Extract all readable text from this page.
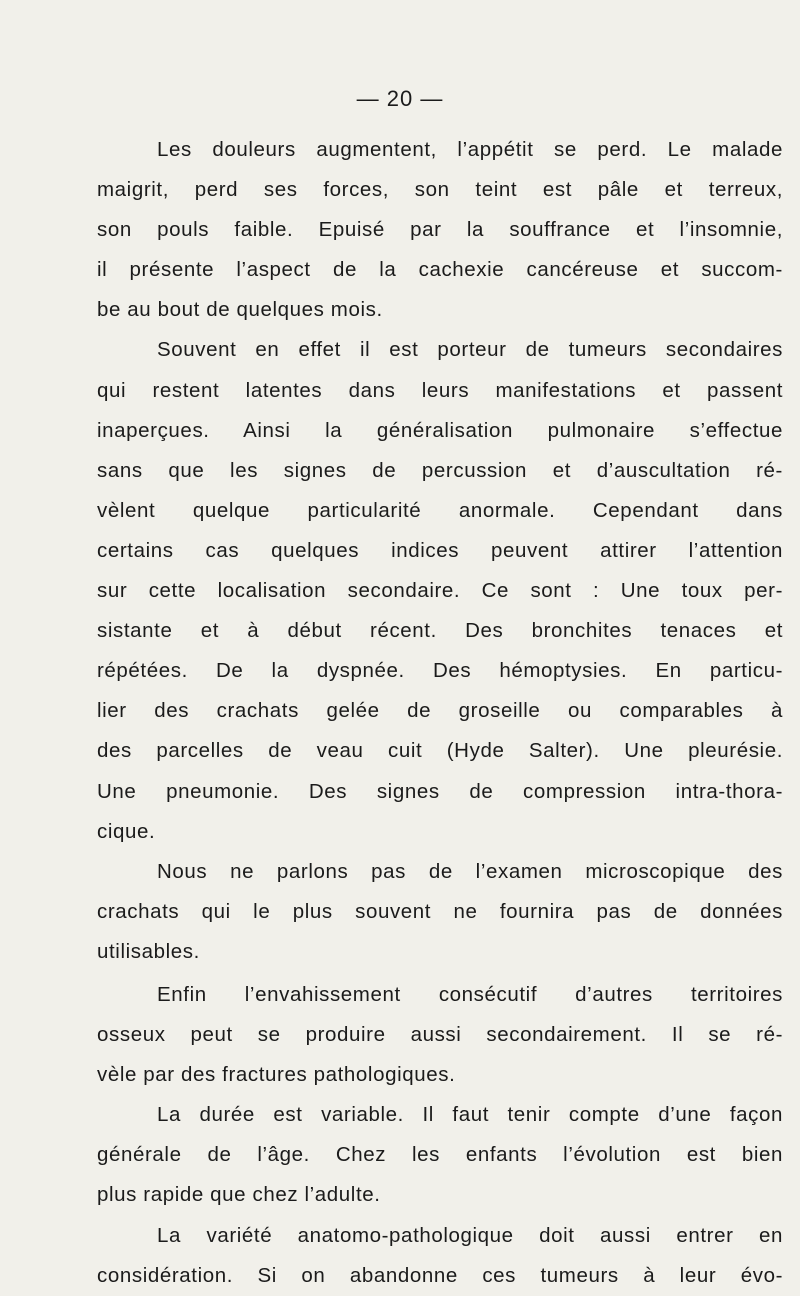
— 20 —
Les douleurs augmentent, l’appétit se perd. Le malade
maigrit, perd ses forces, son teint est pâle et terreux,
son pouls faible. Epuisé par la souffrance et l’insomnie,
il présente l’aspect de la cachexie cancéreuse et succom-
be au bout de quelques mois.
Souvent en effet il est porteur de tumeurs secondaires
qui restent latentes dans leurs manifestations et passent
inaperçues. Ainsi la généralisation pulmonaire s’effectue
sans que les signes de percussion et d’auscultation ré-
vèlent quelque particularité anormale. Cependant dans
certains cas quelques indices peuvent attirer l’attention
sur cette localisation secondaire. Ce sont : Une toux per-
sistante et à début récent. Des bronchites tenaces et
répétées. De la dyspnée. Des hémoptysies. En particu-
lier des crachats gelée de groseille ou comparables à
des parcelles de veau cuit (Hyde Salter). Une pleurésie.
Une pneumonie. Des signes de compression intra-thora-
cique.
Nous ne parlons pas de l’examen microscopique des
crachats qui le plus souvent ne fournira pas de données
utilisables.
Enfin l’envahissement consécutif d’autres territoires
osseux peut se produire aussi secondairement. Il se ré-
vèle par des fractures pathologiques.
La durée est variable. Il faut tenir compte d’une façon
générale de l’âge. Chez les enfants l’évolution est bien
plus rapide que chez l’adulte.
La variété anatomo-pathologique doit aussi entrer en
considération. Si on abandonne ces tumeurs à leur évo-
